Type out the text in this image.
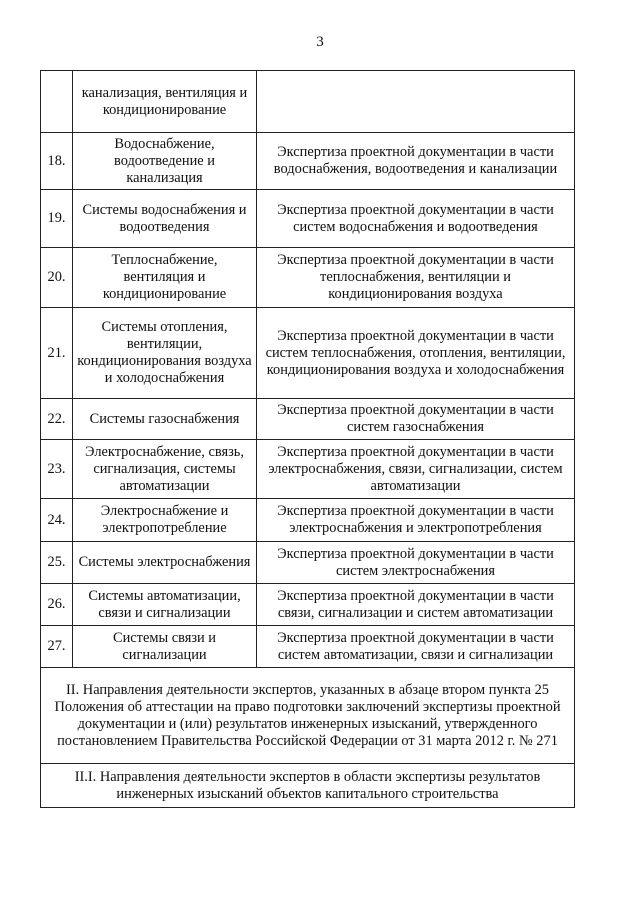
3
	канализация, вентиляция и кондиционирование	
18.	Водоснабжение, водоотведение и канализация	Экспертиза проектной документации в части водоснабжения, водоотведения и канализации
19.	Системы водоснабжения и водоотведения	Экспертиза проектной документации в части систем водоснабжения и водоотведения
20.	Теплоснабжение, вентиляция и кондиционирование	Экспертиза проектной документации в части теплоснабжения, вентиляции и кондиционирования воздуха
21.	Системы отопления, вентиляции, кондиционирования воздуха и холодоснабжения	Экспертиза проектной документации в части систем теплоснабжения, отопления, вентиляции, кондиционирования воздуха и холодоснабжения
22.	Системы газоснабжения	Экспертиза проектной документации в части систем газоснабжения
23.	Электроснабжение, связь, сигнализация, системы автоматизации	Экспертиза проектной документации в части электроснабжения, связи, сигнализации, систем автоматизации
24.	Электроснабжение и электропотребление	Экспертиза проектной документации в части электроснабжения и электропотребления
25.	Системы электроснабжения	Экспертиза проектной документации в части систем электроснабжения
26.	Системы автоматизации, связи и сигнализации	Экспертиза проектной документации в части связи, сигнализации и систем автоматизации
27.	Системы связи и сигнализации	Экспертиза проектной документации в части систем автоматизации, связи и сигнализации
II. Направления деятельности экспертов, указанных в абзаце втором пункта 25 Положения об аттестации на право подготовки заключений экспертизы проектной документации и (или) результатов инженерных изысканий, утвержденного постановлением Правительства Российской Федерации от 31 марта 2012 г. № 271		
II.I. Направления деятельности экспертов в области экспертизы результатов инженерных изысканий объектов капитального строительства		
